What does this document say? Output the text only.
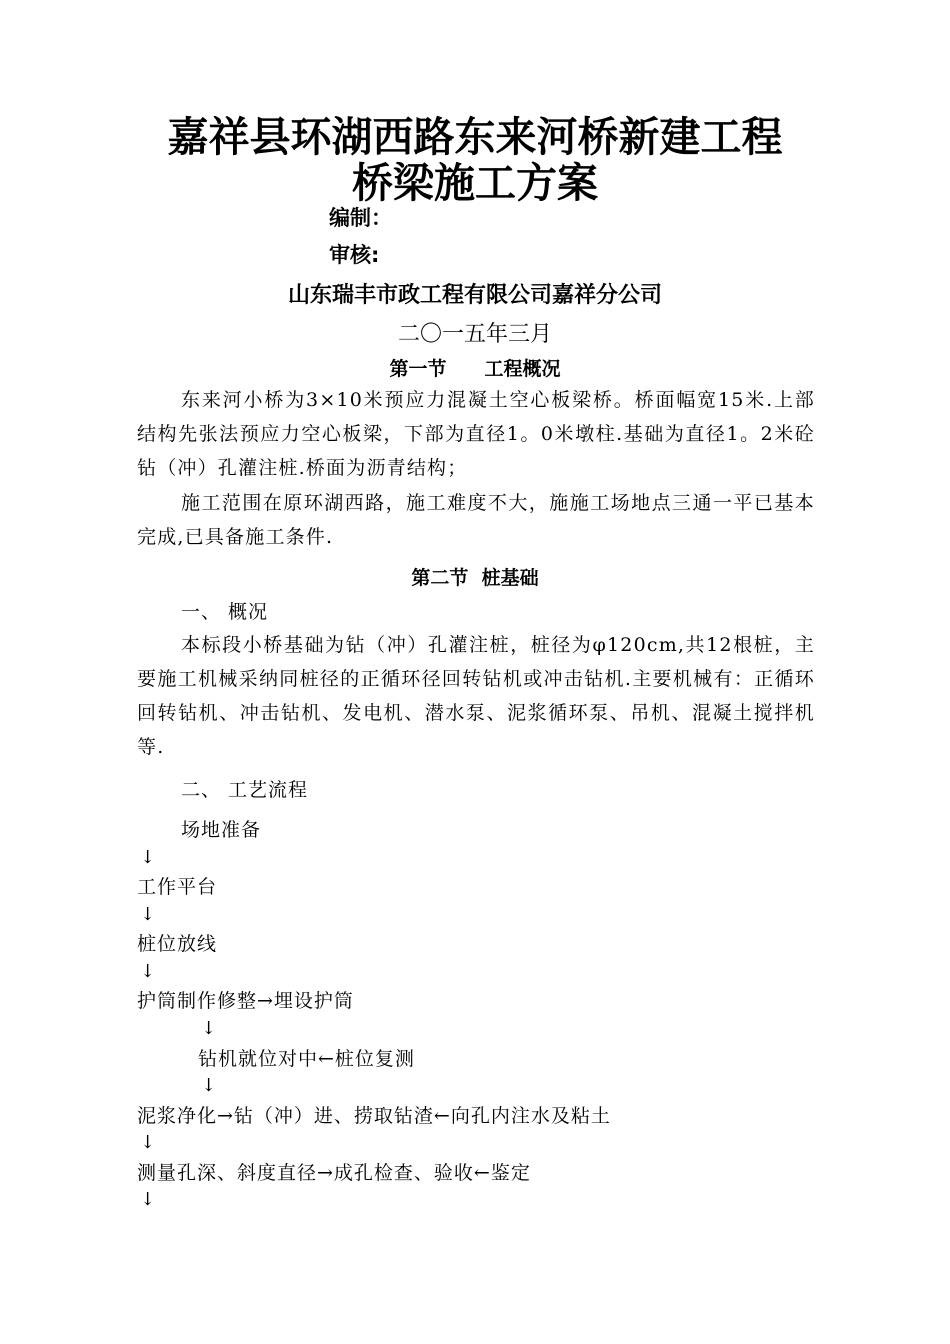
嘉祥县环湖西路东来河桥新建工程
桥梁施工方案
编制：
审核:
山东瑞丰市政工程有限公司嘉祥分公司
二〇一五年三月
第一节　　工程概况
东来河小桥为3×10米预应力混凝土空心板梁桥。桥面幅宽15米.上部结构先张法预应力空心板梁，下部为直径1。0米墩柱.基础为直径1。2米砼钻（冲）孔灌注桩.桥面为沥青结构；
施工范围在原环湖西路，施工难度不大，施施工场地点三通一平已基本完成,已具备施工条件.
第二节  桩基础
一、 概况
本标段小桥基础为钻（冲）孔灌注桩，桩径为φ120cm,共12根桩，主要施工机械采纳同桩径的正循环径回转钻机或冲击钻机.主要机械有：正循环回转钻机、冲击钻机、发电机、潜水泵、泥浆循环泵、吊机、混凝土搅拌机等.
二、 工艺流程
场地准备
↓
工作平台
↓
桩位放线
↓
护筒制作修整→埋设护筒
↓
钻机就位对中←桩位复测
↓
泥浆净化→钻（冲）进、捞取钻渣←向孔内注水及粘土
↓
测量孔深、斜度直径→成孔检查、验收←鉴定
↓
